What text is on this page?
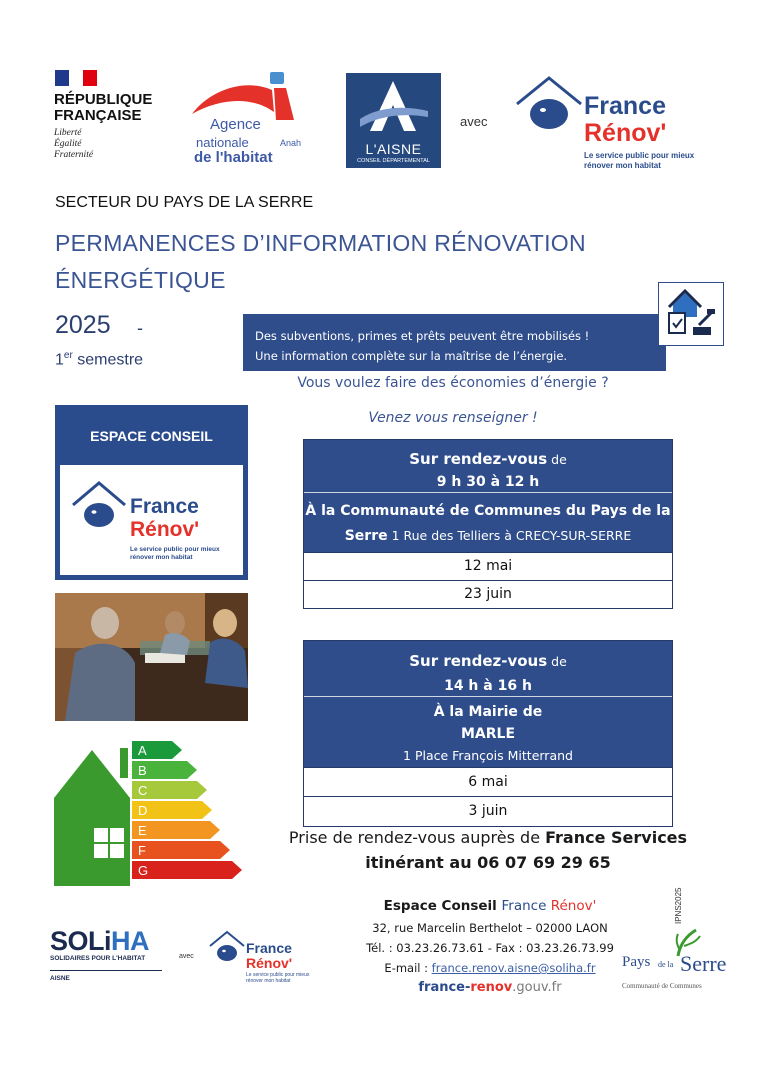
RÉPUBLIQUE
FRANÇAISE
Liberté
Égalité
Fraternité
Agence
nationale
de l'habitat
Anah	L'AISNE
CONSEIL DÉPARTEMENTAL
avec
France
Rénov'
Le service public pour mieux
rénover mon habitat
SECTEUR DU PAYS DE LA SERRE
PERMANENCES D’INFORMATION RÉNOVATION
ÉNERGÉTIQUE
2025 -
1er semestre
Des subventions, primes et prêts peuvent être mobilisés !
Une information complète sur la maîtrise de l’énergie.
Vous voulez faire des économies d’énergie ?
Venez vous renseigner !
ESPACE CONSEIL
France
Rénov'
Le service public pour mieux
rénover mon habitat
A
B
C
D
E
F
G
Sur rendez-vous de
9 h 30 à 12 h
À la Communauté de Communes du Pays de la
Serre 1 Rue des Telliers à CRECY-SUR-SERRE
12 mai
23 juin
Sur rendez-vous de
14 h à 16 h
À la Mairie de
MARLE
1 Place François Mitterrand
6 mai
3 juin
Prise de rendez-vous auprès de France Services
itinérant au 06 07 69 29 65
SOLiHA
SOLIDAIRES POUR L'HABITAT
AISNE
avec
France
Rénov'
Le service public pour mieux
rénover mon habitat
Espace Conseil France Rénov'
32, rue Marcelin Berthelot – 02000 LAON
Tél. : 03.23.26.73.61 - Fax : 03.23.26.73.99
E-mail : france.renov.aisne@soliha.fr
france-renov.gouv.fr
IPNS2025
Pays de la Serre
Communauté de Communes
